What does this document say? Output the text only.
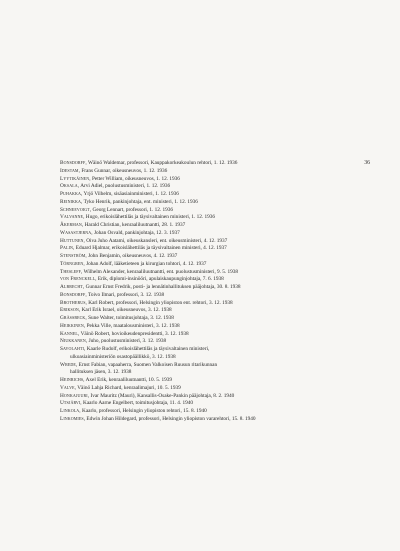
Bonsdorff, Wäinö Waldemar, professori, Kauppakorkeakoulun rehtori, 1. 12. 1936	36
Idestam, Frans Gunnar, oikeusneuvos, 1. 12. 1936
Lyytikäinen, Petter William, oikeusneuvos, 1. 12. 1936
Oksala, Arvi Adiel, puolustusministeri, 1. 12. 1936
Puhakka, Yrjö Vilhelm, sisäasiainministeri, 1. 12. 1936
Reinikka, Tyko Henrik, pankinjohtaja, ent. ministeri, 1. 12. 1936
Schneevoigt, Georg Lennart, professori, 1. 12. 1936
Valvanne, Hugo, erikoislähettiläs ja täysivaltainen ministeri, 1. 12. 1936
Åkerman, Harald Christian, kenraaliluutnantti, 28. 1. 1937
Wasastjerna, Johan Osvald, pankinjohtaja, 12. 3. 1937
Huttunen, Oiva Juho Aatami, oikeuskansleri, ent. oikeusministeri, 4. 12. 1937
Palin, Eduard Hjalmar, erikoislähettiläs ja täysivaltainen ministeri, 4. 12. 1937
Stenström, John Benjamin, oikeusneuvos, 4. 12. 1937
Törngren, Johan Adolf, lääketieteen ja kirurgian tohtori, 4. 12. 1937
Thesleff, Wilhelm Alexander, kenraaliluutnantti, ent. puolustusministeri, 9. 5. 1938
von Frenckell, Erik, diplomi-insinööri, apulaiskaupunginjohtaja, 7. 6. 1938
Albrecht, Gunnar Ernst Fredrik, posti- ja lennätinhallituksen pääjohtaja, 30. 8. 1938
Bonsdorff, Toivo Ilmari, professori, 3. 12. 1938
Brotherus, Karl Robert, professori, Helsingin yliopiston ent. rehtori, 3. 12. 1938
Erikson, Karl Erik Israel, oikeusneuvos, 3. 12. 1938
Grässbeck, Sune Walter, toimitusjohtaja, 3. 12. 1938
Heikkinen, Pekka Ville, maatalousministeri, 3. 12. 1938
Kannel, Väinö Robert, hovioikeudenpresidentti, 3. 12. 1938
Niukkanen, Juho, puolustusministeri, 3. 12. 1938
Savolahti, Kaarle Rudolf, erikoislähettiläs ja täysivaltainen ministeri,
ulkoasiainministeriön osastopäällikkö, 3. 12. 1938
Wrede, Ernst Fabian, vapaaherra, Suomen Valkoisen Ruusun ritarikunnan
hallituksen jäsen, 3. 12. 1938
Heinrichs, Axel Erik, kenraaliluutnantti, 10. 5. 1939
Valve, Väinö Lahja Richard, kenraalimajuri, 10. 5. 1939
Honkajuuri, Ivar Mauritz (Mauri), Kansallis-Osake-Pankin pääjohtaja, 8. 2. 1940
Utsjärvi, Kaarlo Aarne Engelbert, toimitusjohtaja, 11. 4. 1940
Linkola, Kaarlo, professori, Helsingin yliopiston rehtori, 15. 8. 1940
Linkomies, Edwin Johan Hildegard, professori, Helsingin yliopiston vararehtori, 15. 8. 1940
